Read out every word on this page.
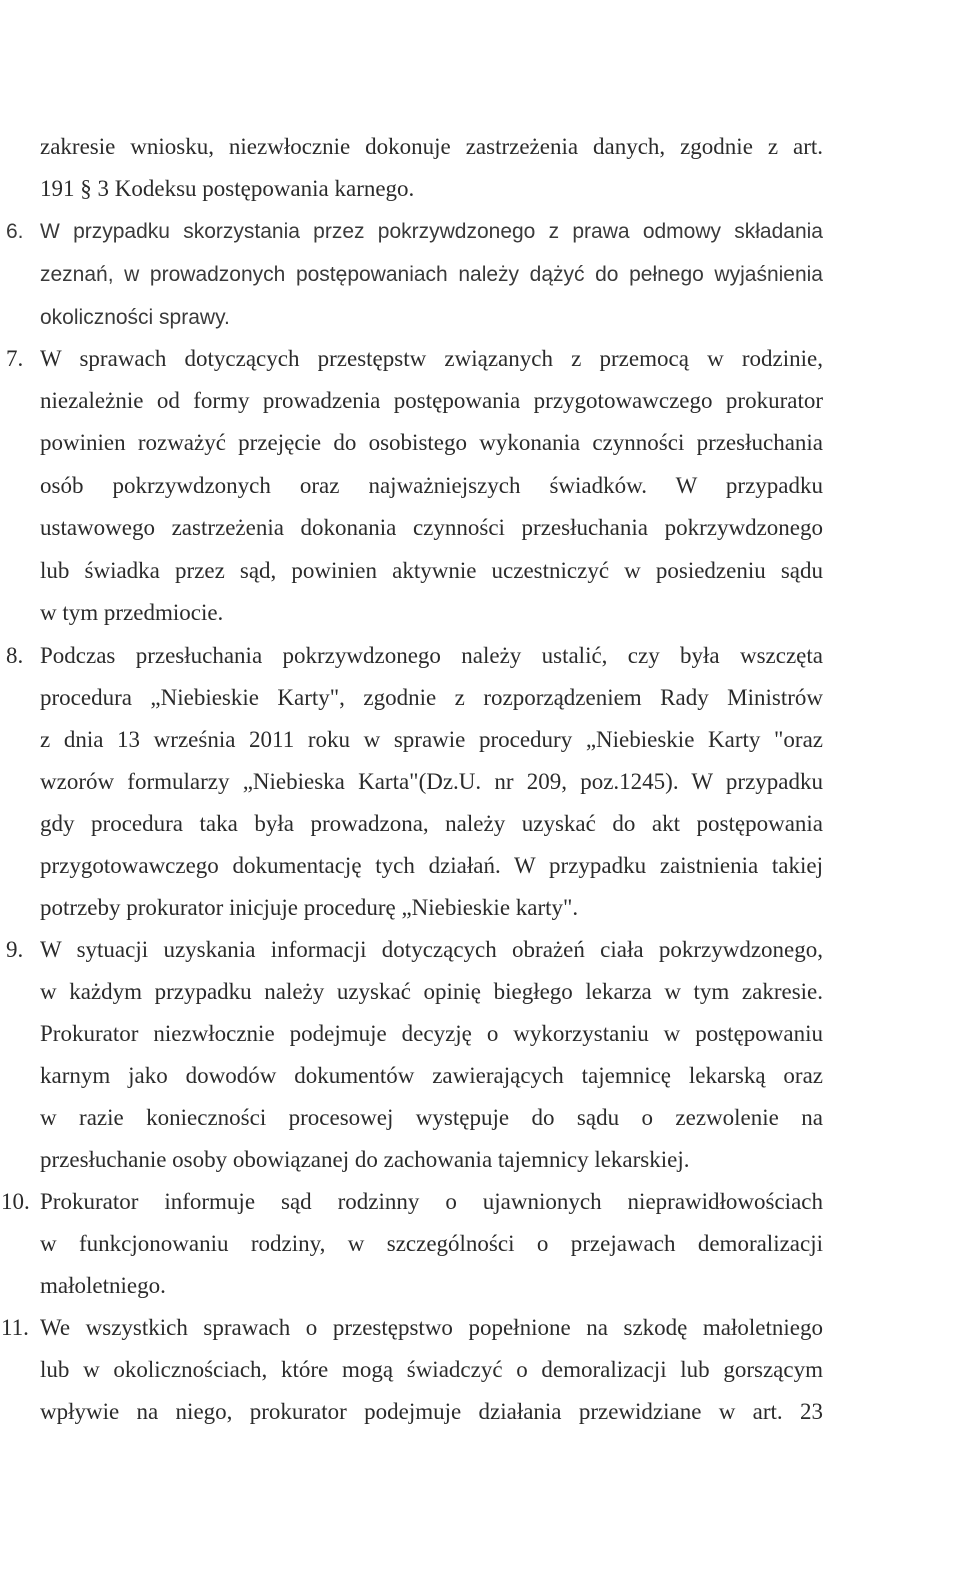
zakresie wniosku, niezwłocznie dokonuje zastrzeżenia danych, zgodnie z art.
191 § 3 Kodeksu postępowania karnego.
6. W przypadku skorzystania przez pokrzywdzonego z prawa odmowy składania
zeznań, w prowadzonych postępowaniach należy dążyć do pełnego wyjaśnienia
okoliczności sprawy.
7. W sprawach dotyczących przestępstw związanych z przemocą w rodzinie,
niezależnie od formy prowadzenia postępowania przygotowawczego prokurator
powinien rozważyć przejęcie do osobistego wykonania czynności przesłuchania
osób pokrzywdzonych oraz najważniejszych świadków. W przypadku
ustawowego zastrzeżenia dokonania czynności przesłuchania pokrzywdzonego
lub świadka przez sąd, powinien aktywnie uczestniczyć w posiedzeniu sądu
w tym przedmiocie.
8. Podczas przesłuchania pokrzywdzonego należy ustalić, czy była wszczęta
procedura „Niebieskie Karty", zgodnie z rozporządzeniem Rady Ministrów
z dnia 13 września 2011 roku w sprawie procedury „Niebieskie Karty "oraz
wzorów formularzy „Niebieska Karta"(Dz.U. nr 209, poz.1245). W przypadku
gdy procedura taka była prowadzona, należy uzyskać do akt postępowania
przygotowawczego dokumentację tych działań. W przypadku zaistnienia takiej
potrzeby prokurator inicjuje procedurę „Niebieskie karty".
9. W sytuacji uzyskania informacji dotyczących obrażeń ciała pokrzywdzonego,
w każdym przypadku należy uzyskać opinię biegłego lekarza w tym zakresie.
Prokurator niezwłocznie podejmuje decyzję o wykorzystaniu w postępowaniu
karnym jako dowodów dokumentów zawierających tajemnicę lekarską oraz
w razie konieczności procesowej występuje do sądu o zezwolenie na
przesłuchanie osoby obowiązanej do zachowania tajemnicy lekarskiej.
10. Prokurator informuje sąd rodzinny o ujawnionych nieprawidłowościach
w funkcjonowaniu rodziny, w szczególności o przejawach demoralizacji
małoletniego.
11. We wszystkich sprawach o przestępstwo popełnione na szkodę małoletniego
lub w okolicznościach, które mogą świadczyć o demoralizacji lub gorszącym
wpływie na niego, prokurator podejmuje działania przewidziane w art. 23
